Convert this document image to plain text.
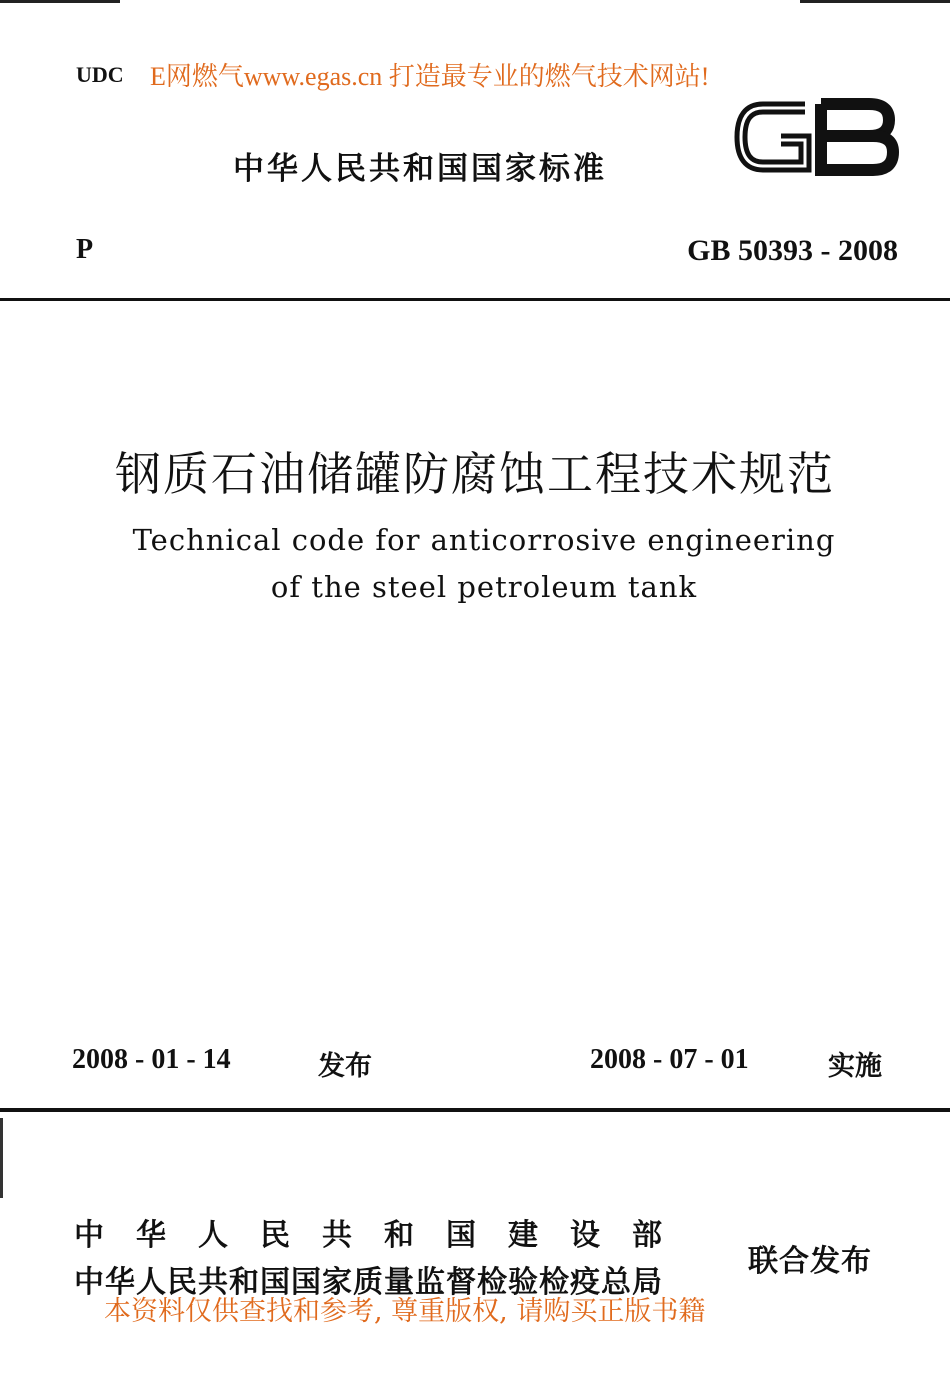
UDC E网燃气www.egas.cn 打造最专业的燃气技术网站!
中华人民共和国国家标准
P	GB 50393 - 2008
钢质石油储罐防腐蚀工程技术规范
Technical code for anticorrosive engineering
of the steel petroleum tank
2008 - 01 - 14	发布	2008 - 07 - 01	实施
中华人民共和国建设部
中华人民共和国国家质量监督检验检疫总局
联合发布
本资料仅供查找和参考, 尊重版权, 请购买正版书籍
